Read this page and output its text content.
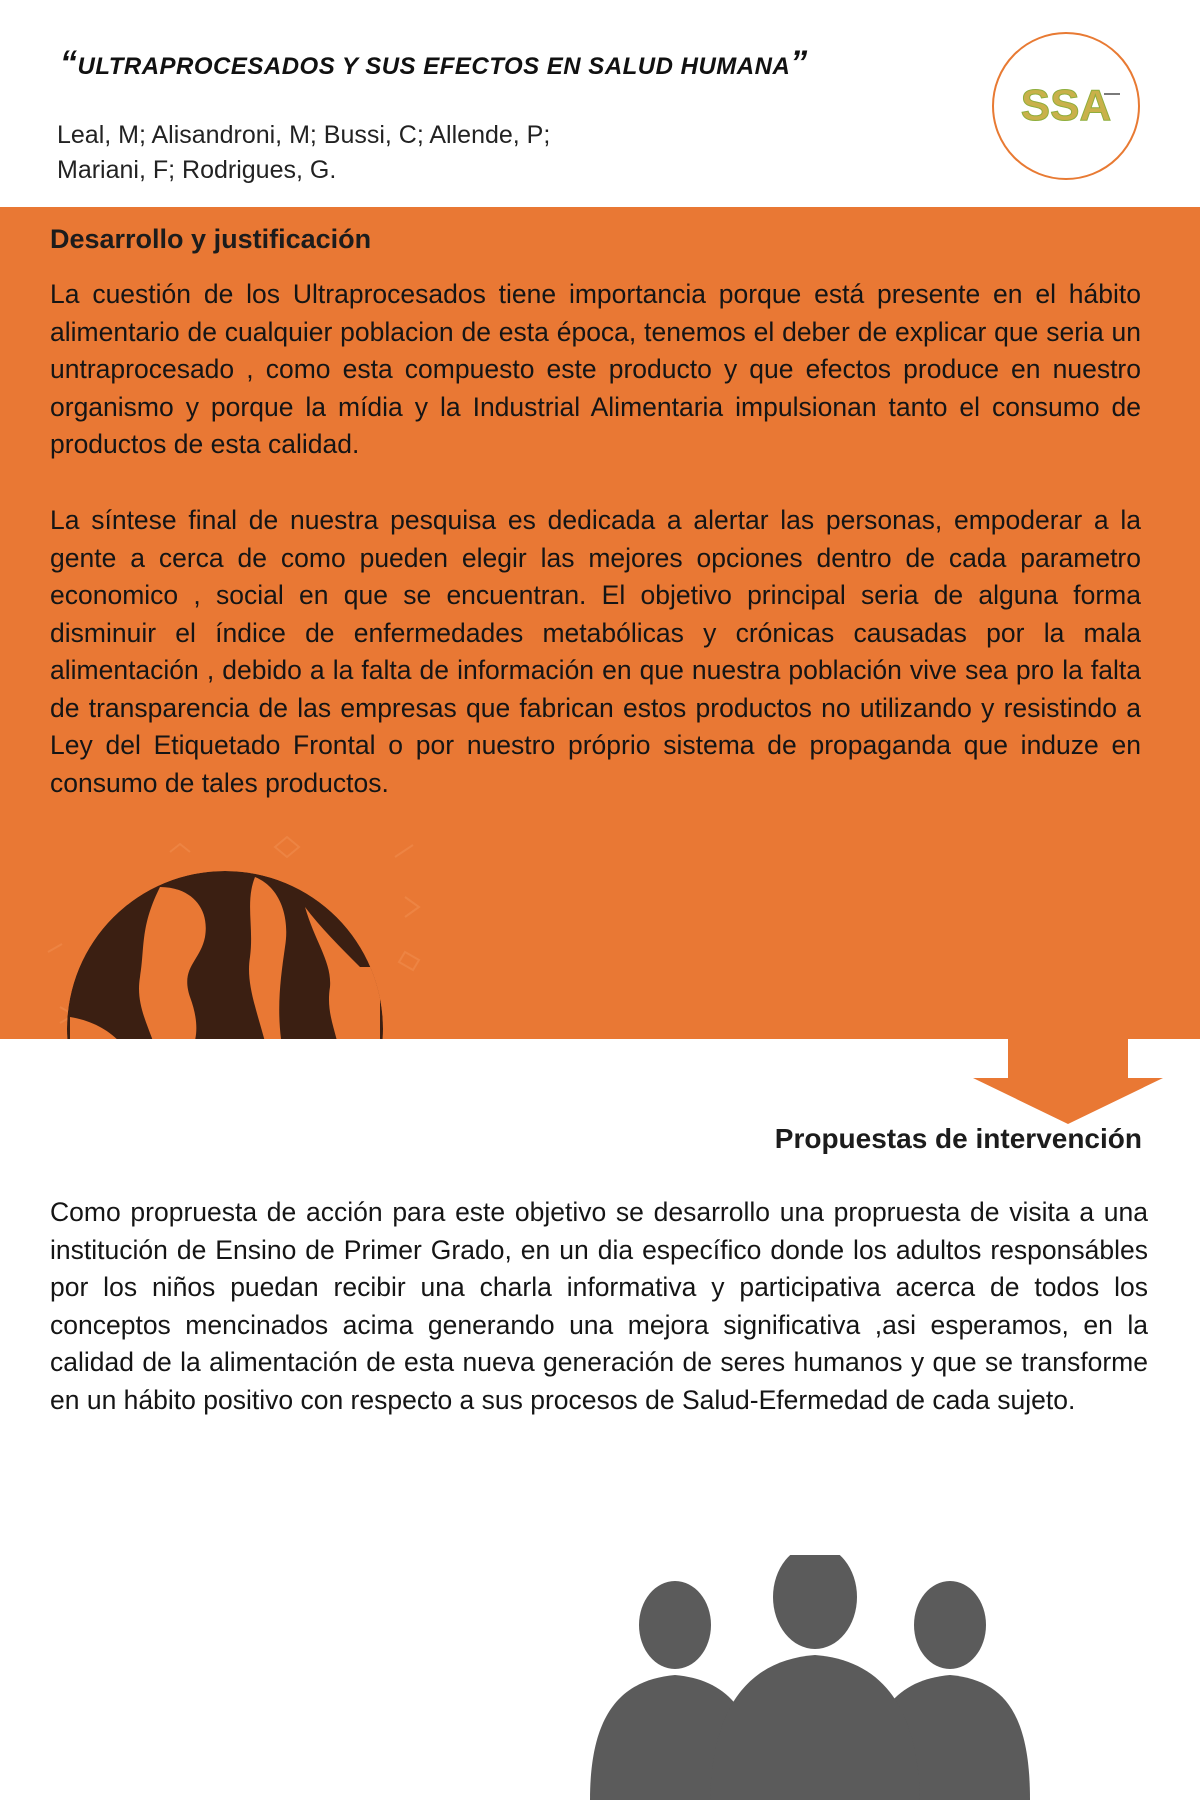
“ULTRAPROCESADOS Y SUS EFECTOS EN SALUD HUMANA”
Leal, M; Alisandroni, M; Bussi, C; Allende, P;
Mariani, F; Rodrigues, G.
SSA
Desarrollo y justificación

La cuestión de los Ultraprocesados tiene importancia porque está presente en el hábito alimentario de cualquier poblacion de esta época, tenemos el deber de explicar que seria un untraprocesado , como esta compuesto este producto y que efectos produce en nuestro organismo y porque la mídia y la Industrial Alimentaria impulsionan tanto el consumo de productos de esta calidad.

La síntese final de nuestra pesquisa es dedicada a alertar las personas, empoderar a la gente a cerca de como pueden elegir las mejores opciones dentro de cada parametro economico , social en que se encuentran. El objetivo principal seria de alguna forma disminuir el índice de enfermedades metabólicas y crónicas causadas por la mala alimentación , debido a la falta de información en que nuestra población vive sea pro la falta de transparencia de las empresas que fabrican estos productos no utilizando y resistindo a Ley del Etiquetado Frontal o por nuestro próprio sistema de propaganda que induze en consumo de tales productos.

Propuestas de intervención

Como propruesta de acción para este objetivo se desarrollo una propruesta de visita a una institución de Ensino de Primer Grado, en un dia específico donde los adultos responsábles por los niños puedan recibir una charla informativa y participativa acerca de todos los conceptos mencinados acima generando una mejora significativa ,asi esperamos, en la calidad de la alimentación de esta nueva generación de seres humanos y que se transforme en un hábito positivo con respecto a sus procesos de Salud-Efermedad de cada sujeto.
